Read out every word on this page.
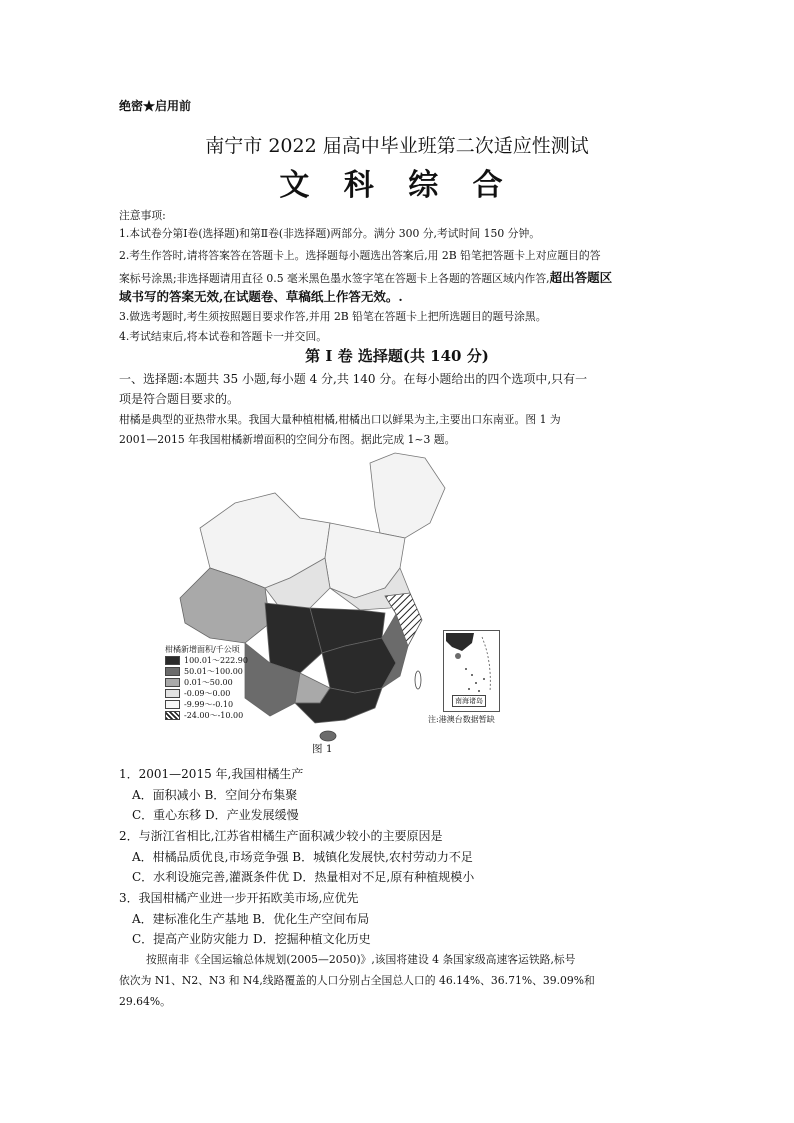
绝密★启用前
南宁市 2022 届高中毕业班第二次适应性测试
文 科 综 合
注意事项:
1.本试卷分第Ⅰ卷(选择题)和第Ⅱ卷(非选择题)两部分。满分 300 分,考试时间 150 分钟。
2.考生作答时,请将答案答在答题卡上。选择题每小题选出答案后,用 2B 铅笔把答题卡上对应题目的答
案标号涂黑;非选择题请用直径 0.5 毫米黑色墨水签字笔在答题卡上各题的答题区域内作答,超出答题区
域书写的答案无效,在试题卷、草稿纸上作答无效。.
3.做选考题时,考生须按照题目要求作答,并用 2B 铅笔在答题卡上把所选题目的题号涂黑。
4.考试结束后,将本试卷和答题卡一并交回。
第 Ⅰ 卷 选择题(共 140 分)
一、选择题:本题共 35 小题,每小题 4 分,共 140 分。在每小题给出的四个选项中,只有一
项是符合题目要求的。
柑橘是典型的亚热带水果。我国大量种植柑橘,柑橘出口以鲜果为主,主要出口东南亚。图 1 为
2001—2015 年我国柑橘新增面积的空间分布图。据此完成 1~3 题。
柑橘新增面积/千公顷
100.01～222.90
50.01～100.00
0.01～50.00
-0.09～0.00
-9.99～-0.10
-24.00～-10.00
南海诸岛
注:港澳台数据暂缺
图 1
1．2001—2015 年,我国柑橘生产
A．面积减小 B．空间分布集聚
C．重心东移 D．产业发展缓慢
2．与浙江省相比,江苏省柑橘生产面积减少较小的主要原因是
A．柑橘品质优良,市场竞争强 B．城镇化发展快,农村劳动力不足
C．水利设施完善,灌溉条件优 D．热量相对不足,原有种植规模小
3．我国柑橘产业进一步开拓欧美市场,应优先
A．建标准化生产基地 B．优化生产空间布局
C．提高产业防灾能力 D．挖掘种植文化历史
按照南非《全国运输总体规划(2005—2050)》,该国将建设 4 条国家级高速客运铁路,标号
依次为 N1、N2、N3 和 N4,线路覆盖的人口分别占全国总人口的 46.14%、36.71%、39.09%和
29.64%。
